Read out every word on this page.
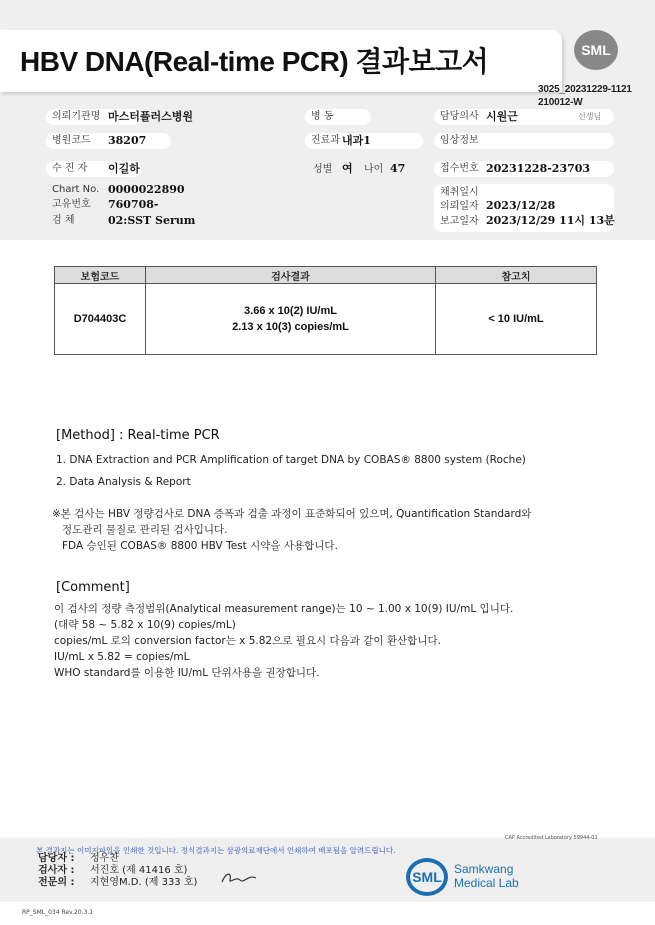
HBV DNA(Real-time PCR) 결과보고서	SML
3025_20231229-1121
210012-W
의뢰기관명 마스터플러스병원	병 동	담당의사 시원근	선생님
병원코드	38207	진료과 내과1	임상정보
수 진 자	이길하	성별 여 나이 47	접수번호 20231228-23703
Chart No. 0000022890
고유번호 760708-
검 체	02:SST Serum
채취일시
의뢰일자 2023/12/28
보고일자 2023/12/29 11시 13분
보험코드	검사결과	참고치
D704403C	3.66 x 10(2) IU/mL
2.13 x 10(3) copies/mL	< 10 IU/mL
[Method] : Real-time PCR
1. DNA Extraction and PCR Amplification of target DNA by COBAS® 8800 system (Roche)
2. Data Analysis & Report
※본 검사는 HBV 정량검사로 DNA 증폭과 검출 과정이 표준화되어 있으며, Quantification Standard와
정도관리 물질로 관리된 검사입니다.
FDA 승인된 COBAS® 8800 HBV Test 시약을 사용합니다.
[Comment]
이 검사의 정량 측정범위(Analytical measurement range)는 10 ~ 1.00 x 10(9) IU/mL 입니다.
(대략 58 ~ 5.82 x 10(9) copies/mL)
copies/mL 로의 conversion factor는 x 5.82으로 필요시 다음과 같이 환산합니다.
IU/mL x 5.82 = copies/mL
WHO standard를 이용한 IU/mL 단위사용을 권장합니다.
CAP Accredited Laboratory 59944-01
본 결과지는 이미지파일을 인쇄한 것입니다. 정식결과지는 삼광의료재단에서 인쇄하여 배포됨을 알려드립니다.
담당자 : 정우찬
검사자 : 서진호 (제 41416 호)
전문의 : 지현영M.D. (제 333 호)	SML	Samkwang
Medical Lab
RP_SML_034 Rev.20.3.1
